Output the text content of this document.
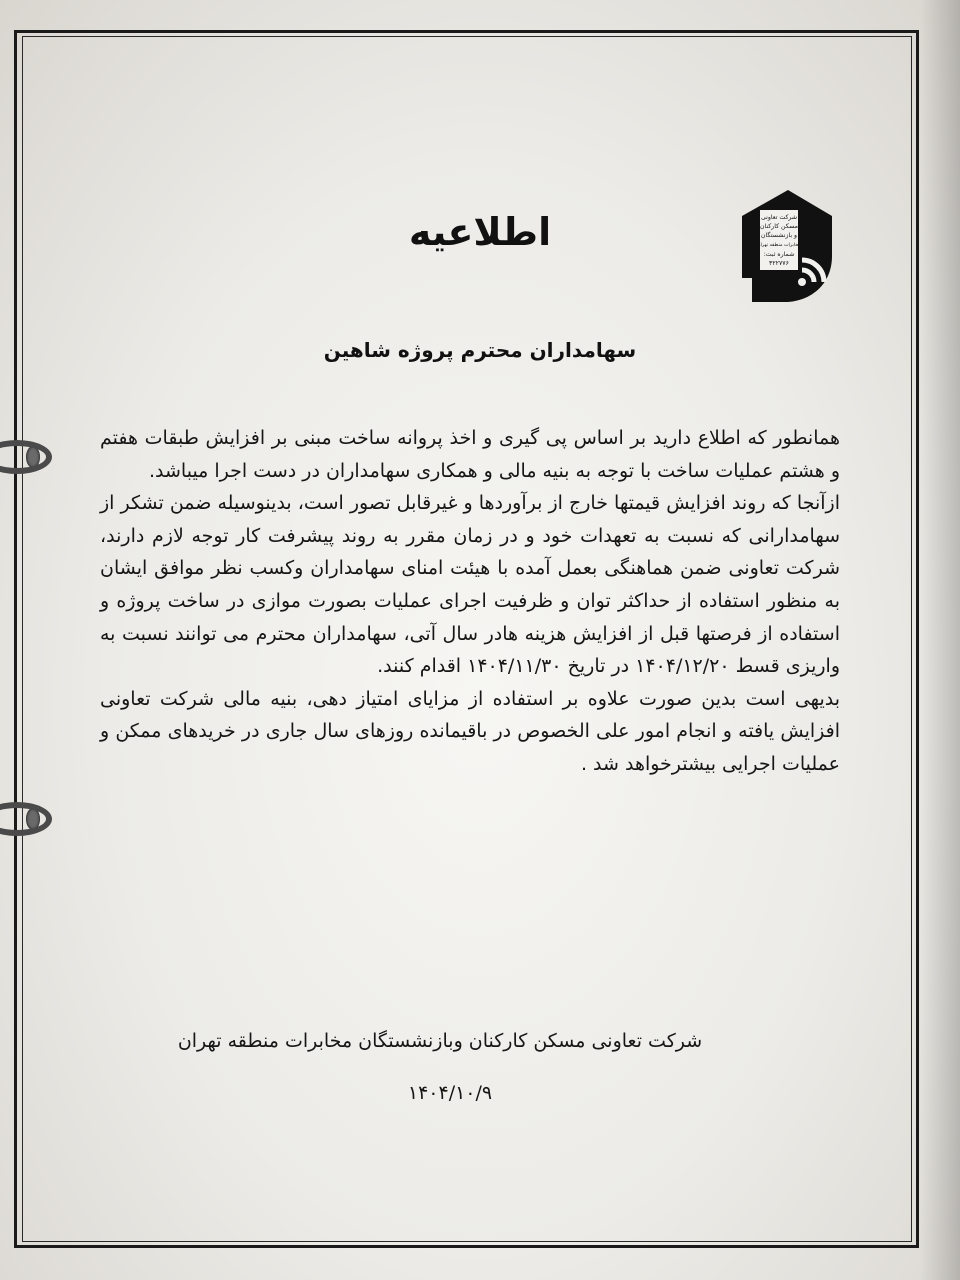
شرکت تعاونی
مسکن کارکنان
و بازنشستگان
مخابرات منطقه تهران
شماره ثبت:
۳۲۲۷۷۶
اطلاعیه
سهامداران محترم پروژه شاهین

همانطور که اطلاع دارید بر اساس پی گیری و اخذ پروانه ساخت مبنی بر افزایش طبقات هفتم و هشتم عملیات ساخت با توجه به بنیه مالی و همکاری سهامداران در دست اجرا میباشد.

ازآنجا که روند افزایش قیمتها خارج از برآوردها و غیرقابل تصور است، بدینوسیله ضمن تشکر از سهامدارانی که نسبت به تعهدات خود و در زمان مقرر به روند پیشرفت کار توجه لازم دارند، شرکت تعاونی ضمن هماهنگی بعمل آمده با هیئت امنای سهامداران وکسب نظر موافق ایشان به منظور استفاده از حداکثر توان و ظرفیت اجرای عملیات بصورت موازی در ساخت پروژه و استفاده از فرصتها قبل از افزایش هزینه هادر سال آتی، سهامداران محترم می توانند نسبت به واریزی قسط ۱۴۰۴/۱۲/۲۰ در تاریخ ۱۴۰۴/۱۱/۳۰ اقدام کنند.

بدیهی است بدین صورت علاوه بر استفاده از مزایای امتیاز دهی، بنیه مالی شرکت تعاونی افزایش یافته و انجام امور علی الخصوص در باقیمانده روزهای سال جاری در خریدهای ممکن و عملیات اجرایی بیشترخواهد شد .

شرکت تعاونی مسکن کارکنان وبازنشستگان مخابرات منطقه تهران
۱۴۰۴/۱۰/۹
